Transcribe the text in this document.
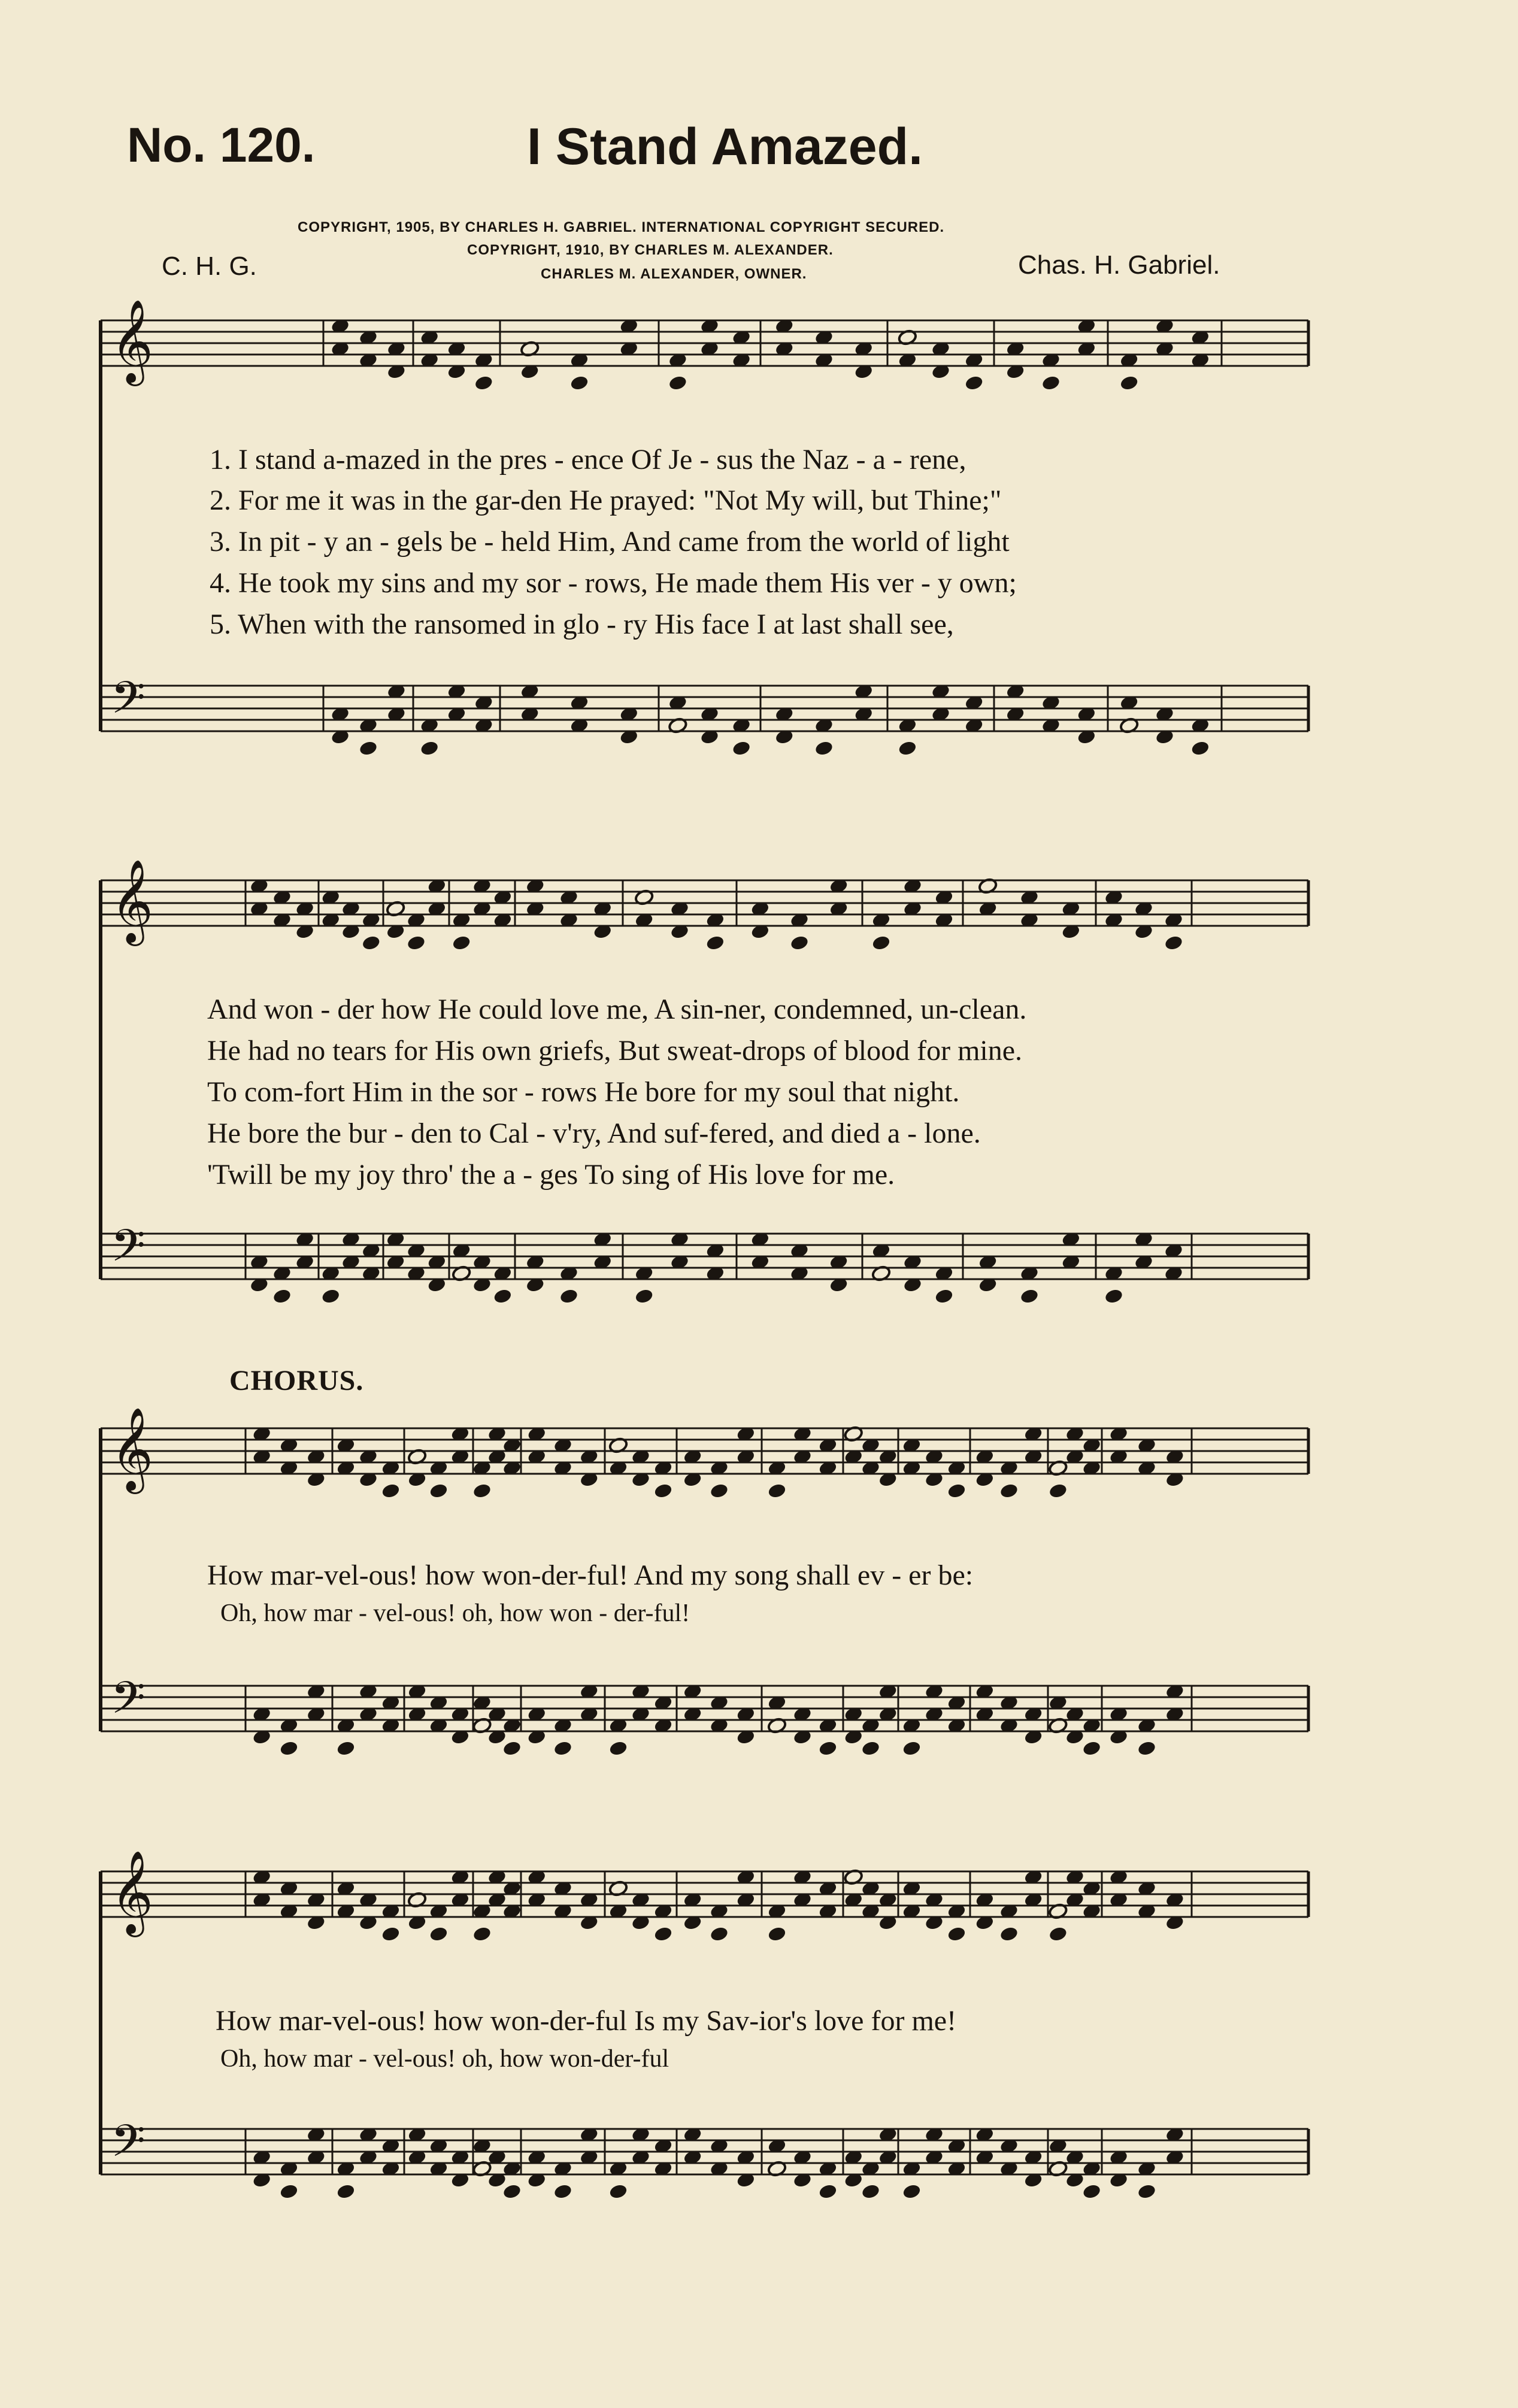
No. 120.	I Stand Amazed.
COPYRIGHT, 1905, BY CHARLES H. GABRIEL. INTERNATIONAL COPYRIGHT SECURED.
COPYRIGHT, 1910, BY CHARLES M. ALEXANDER.
CHARLES M. ALEXANDER, OWNER.
C. H. G.	Chas. H. Gabriel.
𝄞
𝄢
𝄞
𝄢
𝄞
𝄢
𝄞
𝄢
1. I stand a-mazed in the pres - ence Of Je - sus the Naz - a - rene,
2. For me it was in the gar-den He prayed: "Not My will, but Thine;"
3. In pit - y an - gels be - held Him, And came from the world of light
4. He took my sins and my sor - rows, He made them His ver - y own;
5. When with the ransomed in glo - ry His face I at last shall see,
And won - der how He could love me, A sin-ner, condemned, un-clean.
He had no tears for His own griefs, But sweat-drops of blood for mine.
To com-fort Him in the sor - rows He bore for my soul that night.
He bore the bur - den to Cal - v'ry, And suf-fered, and died a - lone.
'Twill be my joy thro' the a - ges To sing of His love for me.
CHORUS.
How mar-vel-ous! how won-der-ful! And my song shall ev - er be:
Oh, how mar - vel-ous! oh, how won - der-ful!
How mar-vel-ous! how won-der-ful Is my Sav-ior's love for me!
Oh, how mar - vel-ous! oh, how won-der-ful
